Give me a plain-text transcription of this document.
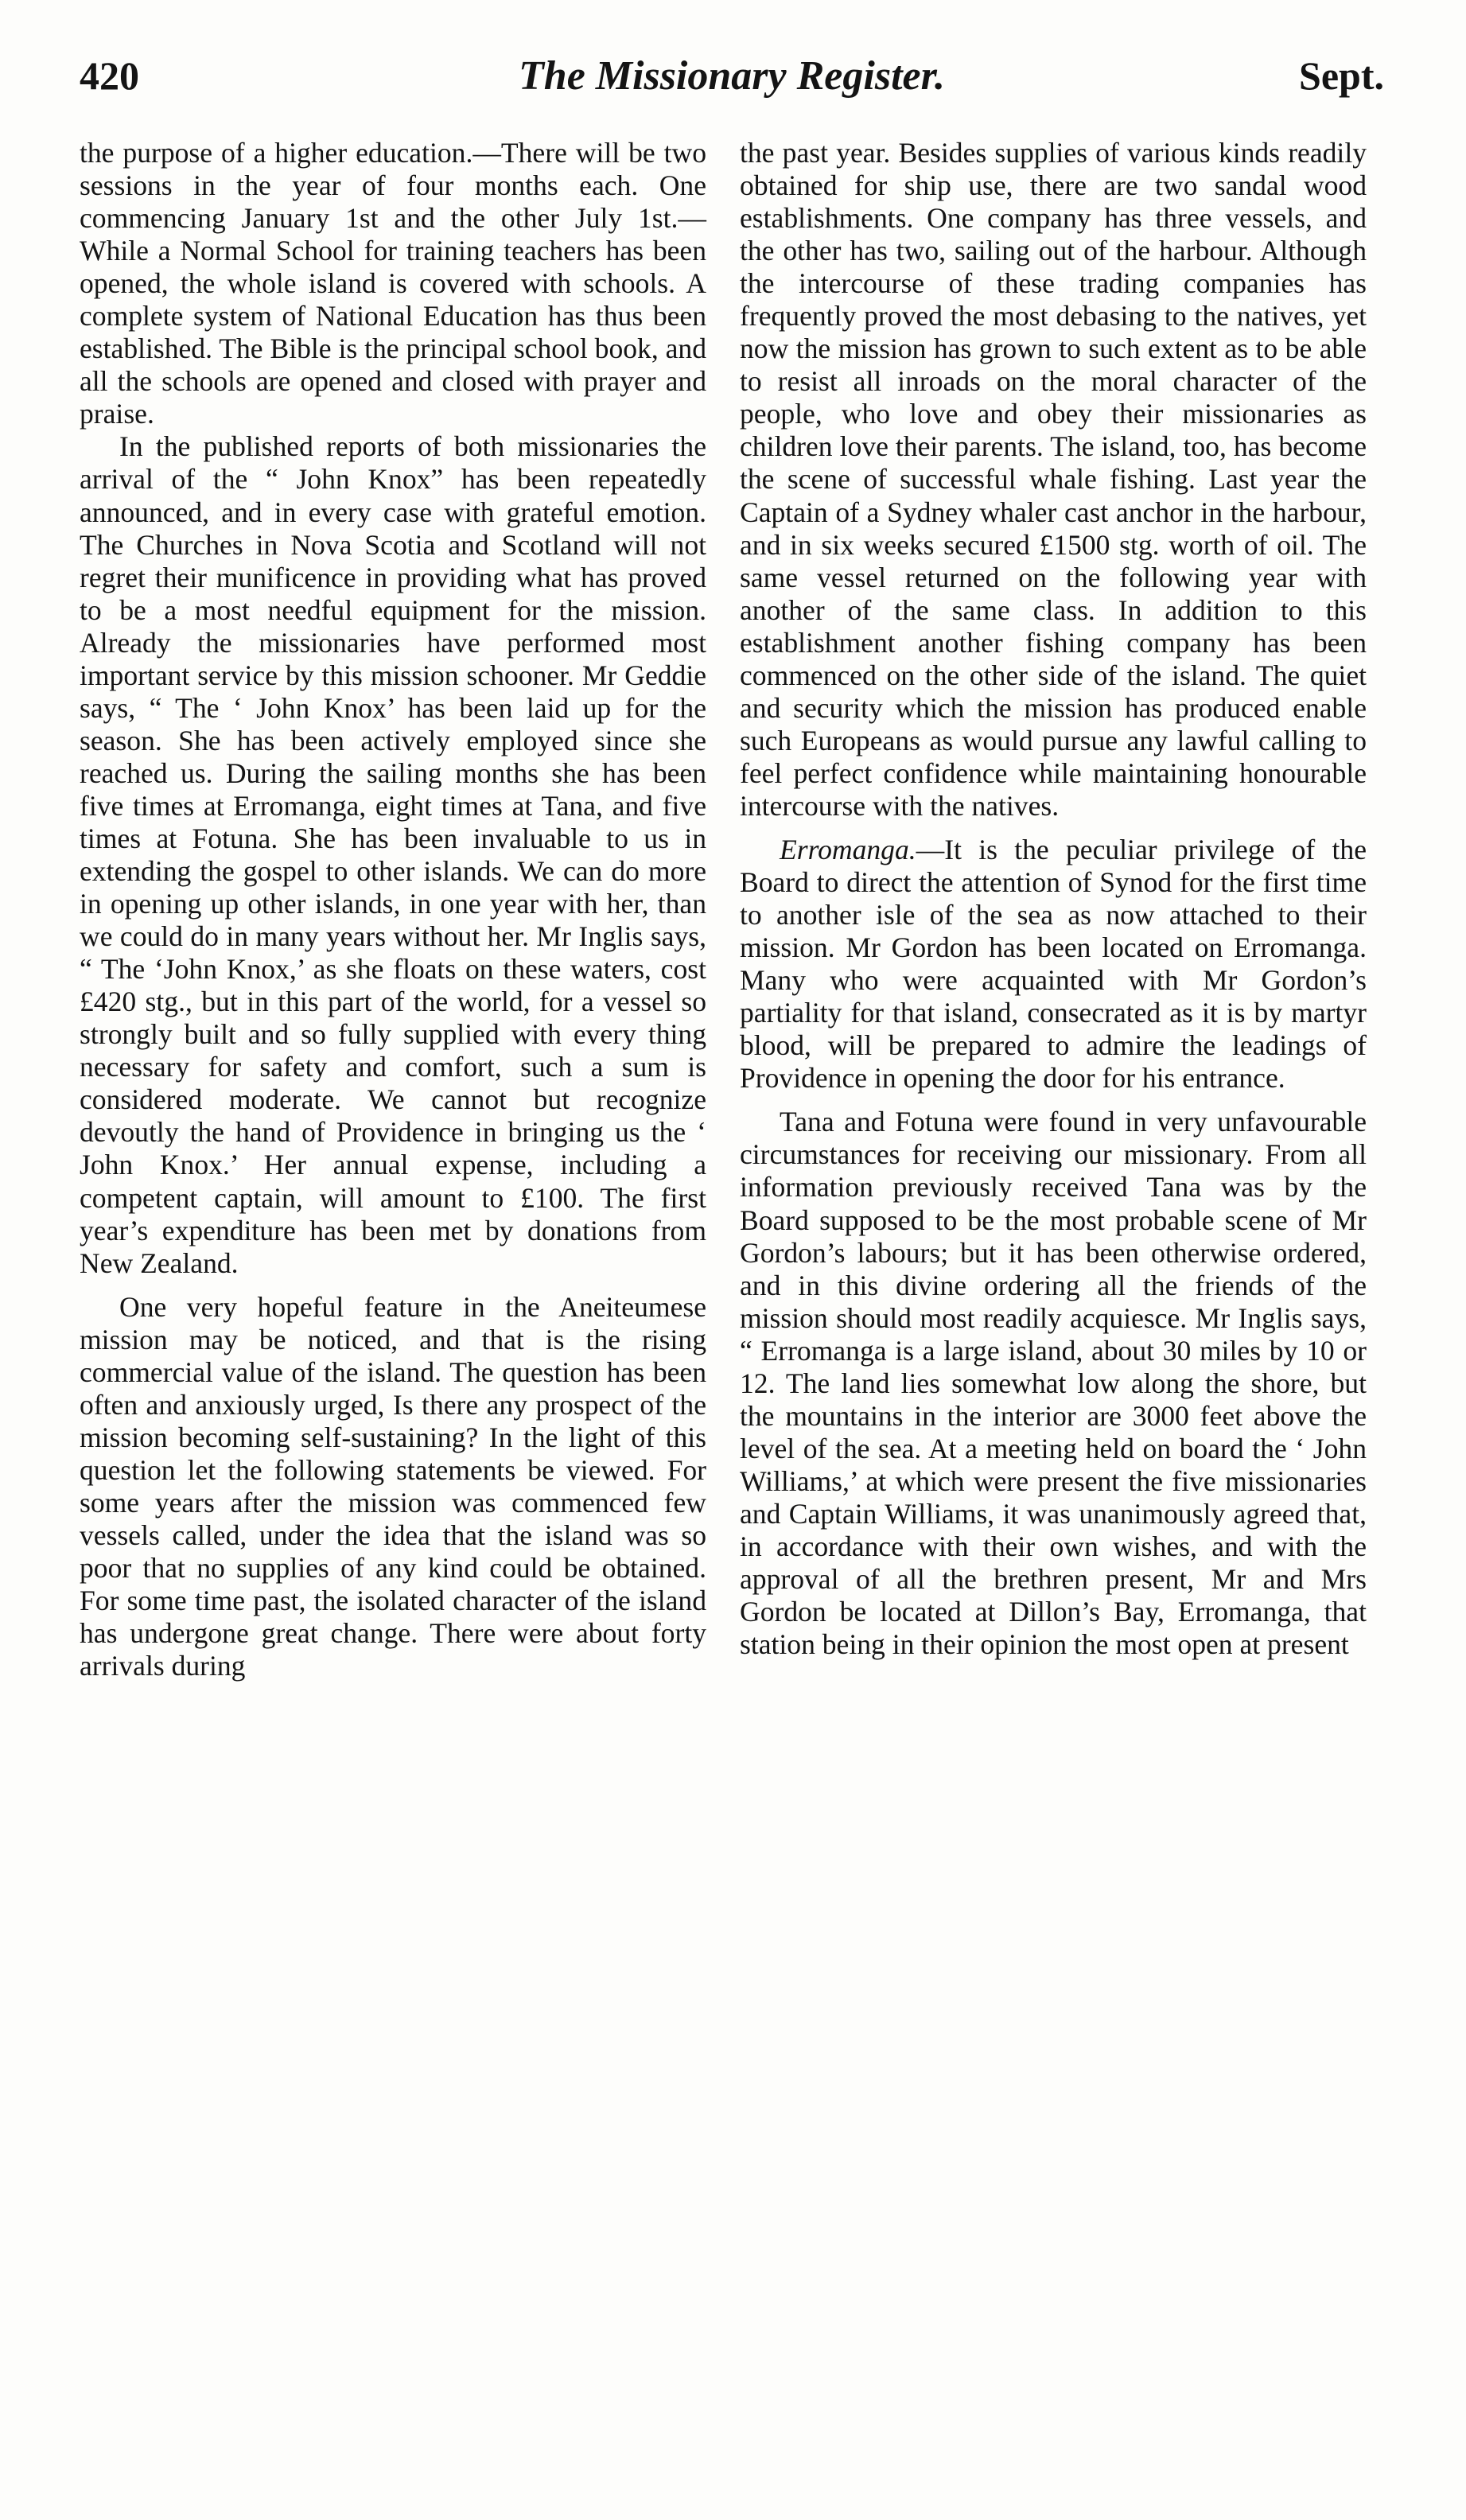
420	The Missionary Register.	Sept.

the purpose of a higher education.—There will be two sessions in the year of four months each. One commencing January 1st and the other July 1st.—While a Normal School for training teachers has been opened, the whole island is covered with schools. A complete system of National Education has thus been established. The Bible is the principal school book, and all the schools are opened and closed with prayer and praise.

In the published reports of both missionaries the arrival of the “ John Knox” has been repeatedly announced, and in every case with grateful emotion. The Churches in Nova Scotia and Scotland will not regret their munificence in providing what has proved to be a most needful equipment for the mission. Already the missionaries have performed most important service by this mission schooner. Mr Geddie says, “ The ‘ John Knox’ has been laid up for the season. She has been actively employed since she reached us. During the sailing months she has been five times at Erromanga, eight times at Tana, and five times at Fotuna. She has been invaluable to us in extending the gospel to other islands. We can do more in opening up other islands, in one year with her, than we could do in many years without her. Mr Inglis says, “ The ‘John Knox,’ as she floats on these waters, cost £420 stg., but in this part of the world, for a vessel so strongly built and so fully supplied with every thing necessary for safety and comfort, such a sum is considered moderate. We cannot but recognize devoutly the hand of Providence in bringing us the ‘ John Knox.’ Her annual expense, including a competent captain, will amount to £100. The first year’s expenditure has been met by donations from New Zealand.

One very hopeful feature in the Aneiteumese mission may be noticed, and that is the rising commercial value of the island. The question has been often and anxiously urged, Is there any prospect of the mission becoming self-sustaining? In the light of this question let the following statements be viewed. For some years after the mission was commenced few vessels called, under the idea that the island was so poor that no supplies of any kind could be obtained. For some time past, the isolated character of the island has undergone great change. There were about forty arrivals during

the past year. Besides supplies of various kinds readily obtained for ship use, there are two sandal wood establishments. One company has three vessels, and the other has two, sailing out of the harbour. Although the intercourse of these trading companies has frequently proved the most debasing to the natives, yet now the mission has grown to such extent as to be able to resist all inroads on the moral character of the people, who love and obey their missionaries as children love their parents. The island, too, has become the scene of successful whale fishing. Last year the Captain of a Sydney whaler cast anchor in the harbour, and in six weeks secured £1500 stg. worth of oil. The same vessel returned on the following year with another of the same class. In addition to this establishment another fishing company has been commenced on the other side of the island. The quiet and security which the mission has produced enable such Europeans as would pursue any lawful calling to feel perfect confidence while maintaining honourable intercourse with the natives.

Erromanga.—It is the peculiar privilege of the Board to direct the attention of Synod for the first time to another isle of the sea as now attached to their mission. Mr Gordon has been located on Erromanga. Many who were acquainted with Mr Gordon’s partiality for that island, consecrated as it is by martyr blood, will be prepared to admire the leadings of Providence in opening the door for his entrance.

Tana and Fotuna were found in very unfavourable circumstances for receiving our missionary. From all information previously received Tana was by the Board supposed to be the most probable scene of Mr Gordon’s labours; but it has been otherwise ordered, and in this divine ordering all the friends of the mission should most readily acquiesce. Mr Inglis says, “ Erromanga is a large island, about 30 miles by 10 or 12. The land lies somewhat low along the shore, but the mountains in the interior are 3000 feet above the level of the sea. At a meeting held on board the ‘ John Williams,’ at which were present the five missionaries and Captain Williams, it was unanimously agreed that, in accordance with their own wishes, and with the approval of all the brethren present, Mr and Mrs Gordon be located at Dillon’s Bay, Erromanga, that station being in their opinion the most open at present
